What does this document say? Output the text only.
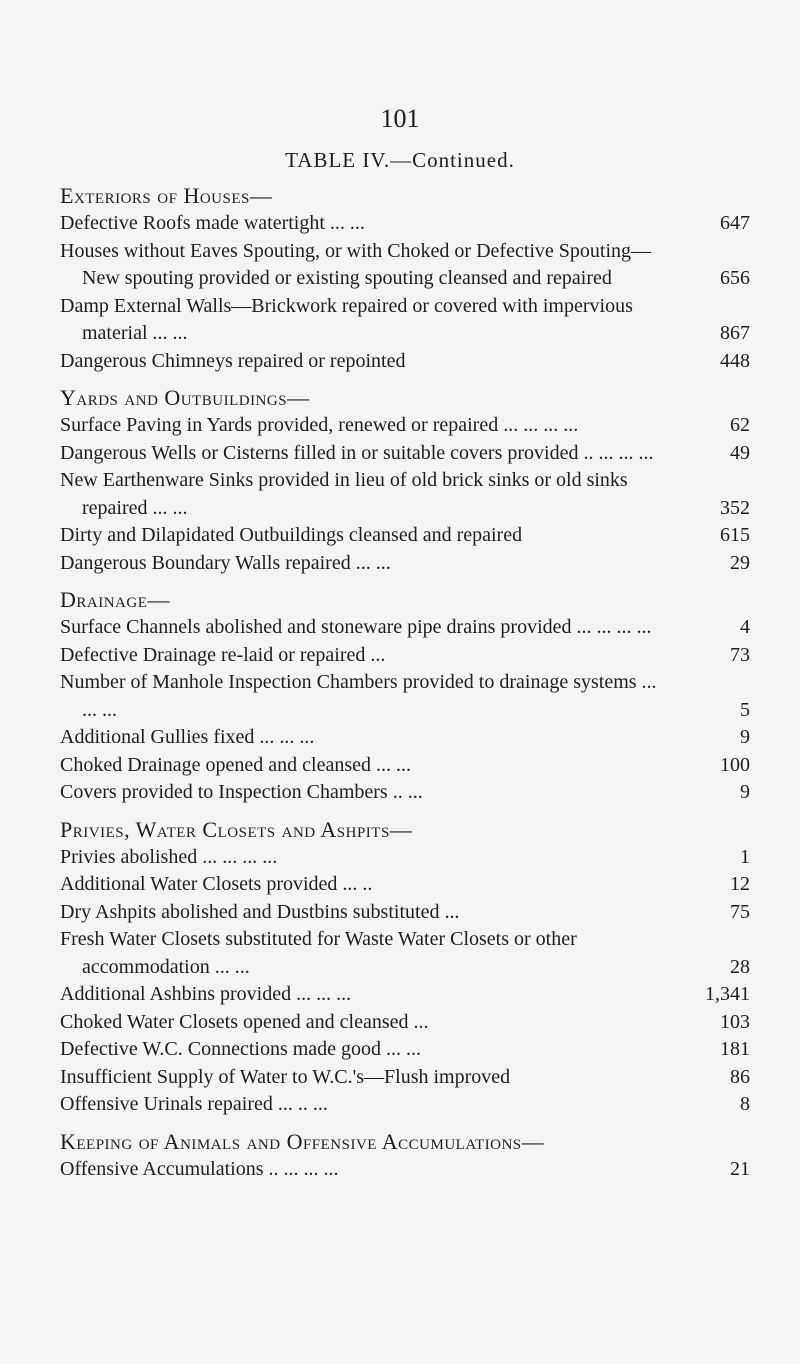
101
TABLE IV.—Continued.
Exteriors of Houses—
Defective Roofs made watertight ... ...	647
Houses without Eaves Spouting, or with Choked or Defective Spouting—New spouting provided or existing spouting cleansed and repaired	656
Damp External Walls—Brickwork repaired or covered with impervious material ... ...	867
Dangerous Chimneys repaired or repointed	448
Yards and Outbuildings—
Surface Paving in Yards provided, renewed or repaired ... ... ... ...	62
Dangerous Wells or Cisterns filled in or suitable covers provided .. ... ... ...	49
New Earthenware Sinks provided in lieu of old brick sinks or old sinks repaired ... ...	352
Dirty and Dilapidated Outbuildings cleansed and repaired	615
Dangerous Boundary Walls repaired ... ...	29
Drainage—
Surface Channels abolished and stoneware pipe drains provided ... ... ... ...	4
Defective Drainage re-laid or repaired ...	73
Number of Manhole Inspection Chambers provided to drainage systems ... ... ...	5
Additional Gullies fixed ... ... ...	9
Choked Drainage opened and cleansed ... ...	100
Covers provided to Inspection Chambers .. ...	9
Privies, Water Closets and Ashpits—
Privies abolished ... ... ... ...	1
Additional Water Closets provided ... ..	12
Dry Ashpits abolished and Dustbins substituted ...	75
Fresh Water Closets substituted for Waste Water Closets or other accommodation ... ...	28
Additional Ashbins provided ... ... ...	1,341
Choked Water Closets opened and cleansed ...	103
Defective W.C. Connections made good ... ...	181
Insufficient Supply of Water to W.C.'s—Flush improved	86
Offensive Urinals repaired ... .. ...	8
Keeping of Animals and Offensive Accumulations—
Offensive Accumulations .. ... ... ...	21
